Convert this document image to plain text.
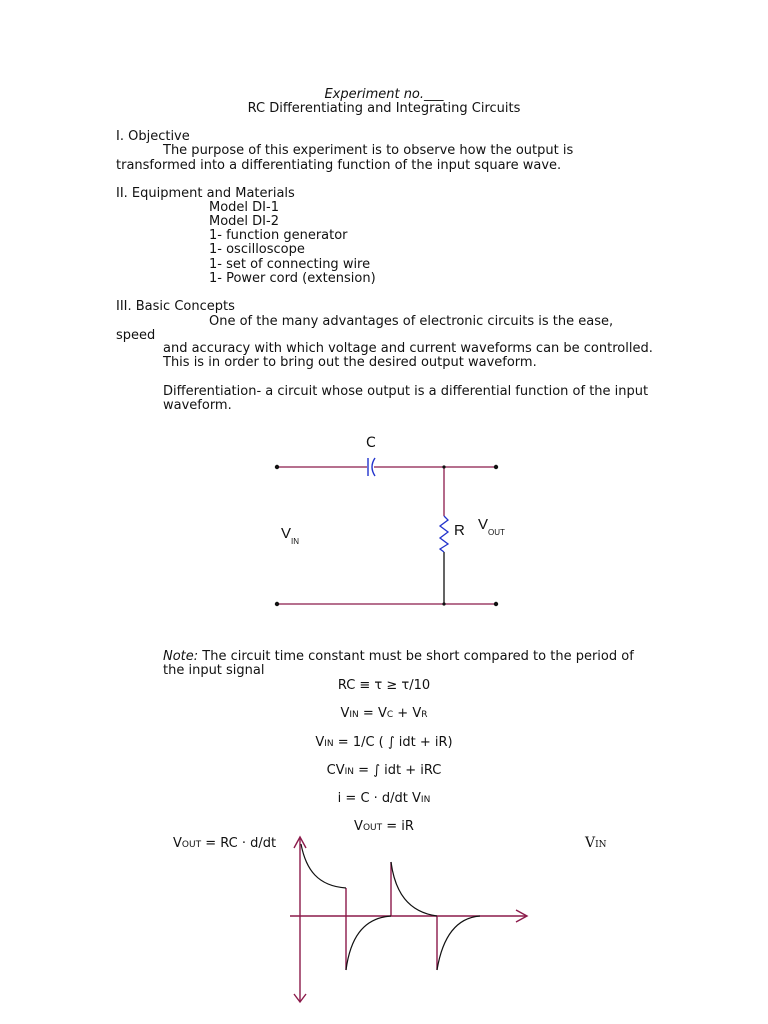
Experiment no.___
RC Differentiating and Integrating Circuits
I. Objective
The purpose of this experiment is to observe how the output is
transformed into a differentiating function of the input square wave.
II. Equipment and Materials
Model DI-1
Model DI-2
1- function generator
1- oscilloscope
1- set of connecting wire
1- Power cord (extension)
III. Basic Concepts
One of the many advantages of electronic circuits is the ease,
speed
and accuracy with which voltage and current waveforms can be controlled.
This is in order to bring out the desired output waveform.
Differentiation- a circuit whose output is a differential function of the input
waveform.
C
R
$V_{IN}$
$V_{OUT}$
Note: The circuit time constant must be short compared to the period of
the input signal
RC ≡ τ ≥ τ/10
VIN = VC + VR
VIN = 1/C ( ∫ idt + iR)
CVIN = ∫ idt + iRC
i = C · d/dt VIN
VOUT = iR
VOUT = RC · d/dt	VIN
